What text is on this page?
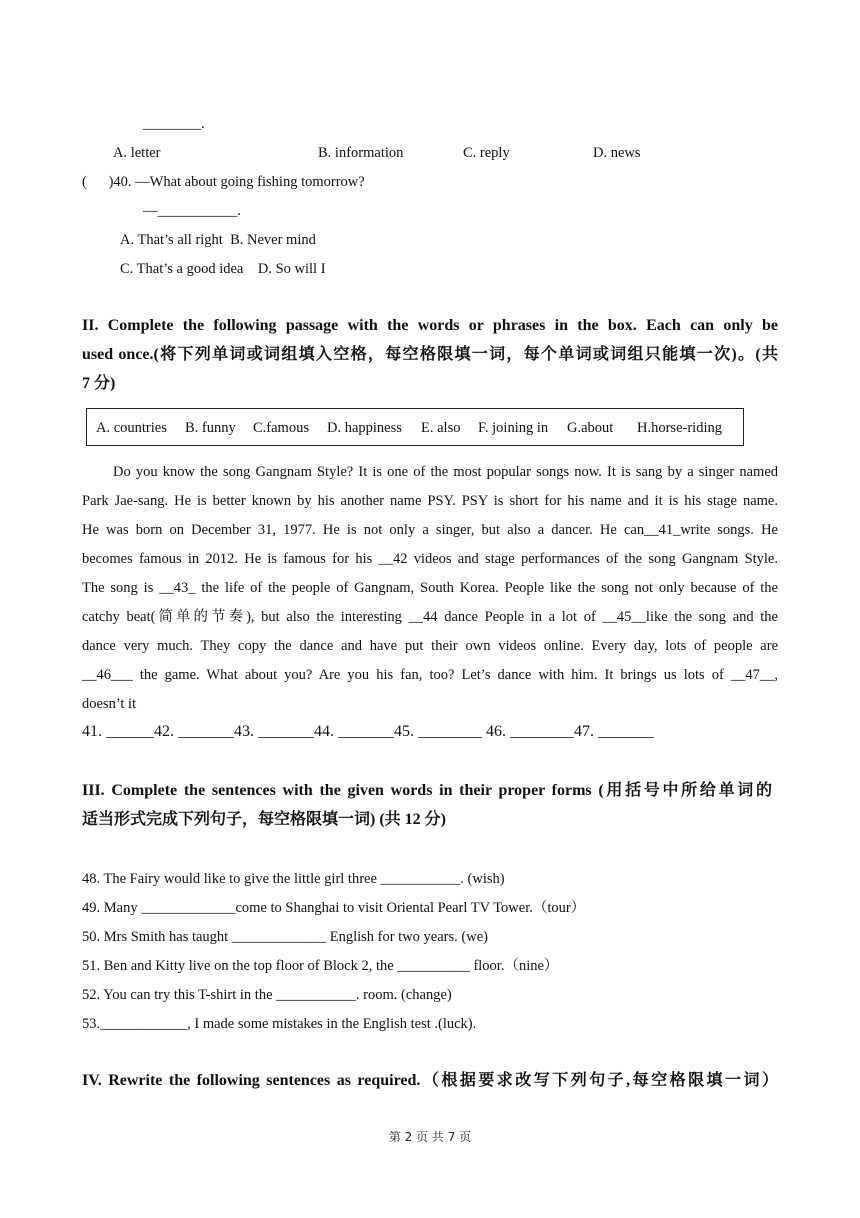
________.
A. letter	B. information	C. reply	D. news
(      )40. —What about going fishing tomorrow?
—___________.
A. That’s all right  B. Never mind
C. That’s a good idea    D. So will I
II. Complete the following passage with the words or phrases in the box. Each can only be
used once.(将下列单词或词组填入空格，每空格限填一词，每个单词或词组只能填一次)。(共
7 分)
A. countries B. funny C.famous D. happiness E. also F. joining in G.about H.horse-riding
Do you know the song Gangnam Style? It is one of the most popular songs now. It is sang by a singer named
Park Jae-sang. He is better known by his another name PSY. PSY is short for his name and it is his stage name.
He was born on December 31, 1977. He is not only a singer, but also a dancer. He can__41_write songs. He
becomes famous in 2012. He is famous for his __42 videos and stage performances of the song Gangnam Style.
The song is __43_ the life of the people of Gangnam, South Korea. People like the song not only because of the
catchy beat(简单的节奏), but also the interesting __44 dance People in a lot of __45__like the song and the
dance very much. They copy the dance and have put their own videos online. Every day, lots of people are
__46___ the game. What about you? Are you his fan, too? Let’s dance with him. It brings us lots of __47__,
doesn’t it
41. ______42. _______43. _______44. _______45. ________ 46. ________47. _______
III. Complete the sentences with the given words in their proper forms (用括号中所给单词的
适当形式完成下列句子，每空格限填一词) (共 12 分)
48. The Fairy would like to give the little girl three ___________. (wish)
49. Many _____________come to Shanghai to visit Oriental Pearl TV Tower.（tour）
50. Mrs Smith has taught _____________ English for two years. (we)
51. Ben and Kitty live on the top floor of Block 2, the __________ floor.（nine）
52. You can try this T-shirt in the ___________. room. (change)
53.____________, I made some mistakes in the English test .(luck).
IV. Rewrite the following sentences as required.（根据要求改写下列句子,每空格限填一词）
第 2 页 共 7 页
